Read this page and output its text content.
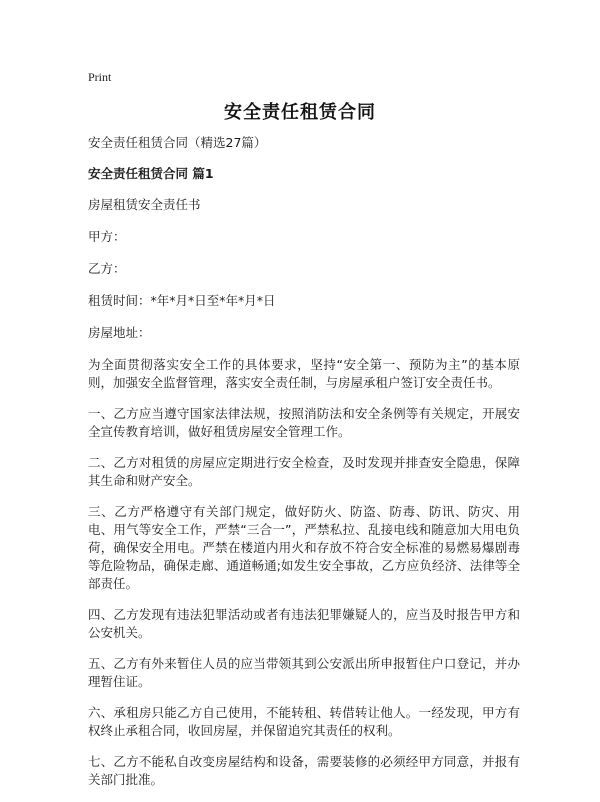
Print
安全责任租赁合同

安全责任租赁合同（精选27篇）

安全责任租赁合同 篇1

房屋租赁安全责任书

甲方：

乙方：

租赁时间：*年*月*日至*年*月*日

房屋地址：

为全面贯彻落实安全工作的具体要求，坚持“安全第一、预防为主”的基本原则，加强安全监督管理，落实安全责任制，与房屋承租户签订安全责任书。

一、乙方应当遵守国家法律法规，按照消防法和安全条例等有关规定，开展安全宣传教育培训，做好租赁房屋安全管理工作。

二、乙方对租赁的房屋应定期进行安全检查，及时发现并排查安全隐患，保障其生命和财产安全。

三、乙方严格遵守有关部门规定，做好防火、防盗、防毒、防讯、防灾、用电、用气等安全工作，严禁“三合一”，严禁私拉、乱接电线和随意加大用电负荷，确保安全用电。严禁在楼道内用火和存放不符合安全标准的易燃易爆剧毒等危险物品，确保走廊、通道畅通;如发生安全事故，乙方应负经济、法律等全部责任。

四、乙方发现有违法犯罪活动或者有违法犯罪嫌疑人的，应当及时报告甲方和公安机关。

五、乙方有外来暂住人员的应当带领其到公安派出所申报暂住户口登记，并办理暂住证。

六、承租房只能乙方自己使用，不能转租、转借转让他人。一经发现，甲方有权终止承租合同，收回房屋，并保留追究其责任的权利。

七、乙方不能私自改变房屋结构和设备，需要装修的必须经甲方同意，并报有关部门批准。
